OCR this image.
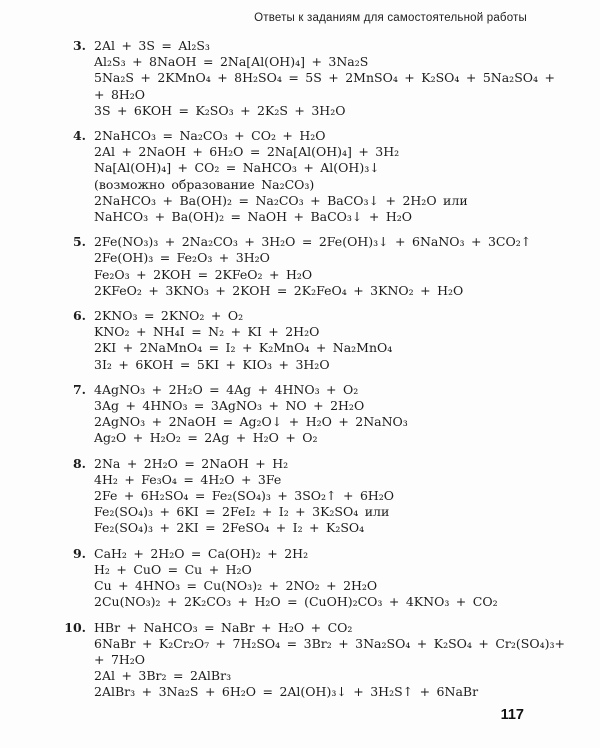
Ответы к заданиям для самостоятельной работы
3. 2Al + 3S = Al₂S₃
Al₂S₃ + 8NaOH = 2Na[Al(OH)₄] + 3Na₂S
5Na₂S + 2KMnO₄ + 8H₂SO₄ = 5S + 2MnSO₄ + K₂SO₄ + 5Na₂SO₄ +
+ 8H₂O
3S + 6KOH = K₂SO₃ + 2K₂S + 3H₂O
4. 2NaHCO₃ = Na₂CO₃ + CO₂ + H₂O
2Al + 2NaOH + 6H₂O = 2Na[Al(OH)₄] + 3H₂
Na[Al(OH)₄] + CO₂ = NaHCO₃ + Al(OH)₃↓
(возможно образование Na₂CO₃)
2NaHCO₃ + Ba(OH)₂ = Na₂CO₃ + BaCO₃↓ + 2H₂O или
NaHCO₃ + Ba(OH)₂ = NaOH + BaCO₃↓ + H₂O
5. 2Fe(NO₃)₃ + 2Na₂CO₃ + 3H₂O = 2Fe(OH)₃↓ + 6NaNO₃ + 3CO₂↑
2Fe(OH)₃ = Fe₂O₃ + 3H₂O
Fe₂O₃ + 2KOH = 2KFeO₂ + H₂O
2KFeO₂ + 3KNO₃ + 2KOH = 2K₂FeO₄ + 3KNO₂ + H₂O
6. 2KNO₃ = 2KNO₂ + O₂
KNO₂ + NH₄I = N₂ + KI + 2H₂O
2KI + 2NaMnO₄ = I₂ + K₂MnO₄ + Na₂MnO₄
3I₂ + 6KOH = 5KI + KIO₃ + 3H₂O
7. 4AgNO₃ + 2H₂O = 4Ag + 4HNO₃ + O₂
3Ag + 4HNO₃ = 3AgNO₃ + NO + 2H₂O
2AgNO₃ + 2NaOH = Ag₂O↓ + H₂O + 2NaNO₃
Ag₂O + H₂O₂ = 2Ag + H₂O + O₂
8. 2Na + 2H₂O = 2NaOH + H₂
4H₂ + Fe₃O₄ = 4H₂O + 3Fe
2Fe + 6H₂SO₄ = Fe₂(SO₄)₃ + 3SO₂↑ + 6H₂O
Fe₂(SO₄)₃ + 6KI = 2FeI₂ + I₂ + 3K₂SO₄ или
Fe₂(SO₄)₃ + 2KI = 2FeSO₄ + I₂ + K₂SO₄
9. CaH₂ + 2H₂O = Ca(OH)₂ + 2H₂
H₂ + CuO = Cu + H₂O
Cu + 4HNO₃ = Cu(NO₃)₂ + 2NO₂ + 2H₂O
2Cu(NO₃)₂ + 2K₂CO₃ + H₂O = (CuOH)₂CO₃ + 4KNO₃ + CO₂
10. HBr + NaHCO₃ = NaBr + H₂O + CO₂
6NaBr + K₂Cr₂O₇ + 7H₂SO₄ = 3Br₂ + 3Na₂SO₄ + K₂SO₄ + Cr₂(SO₄)₃+
+ 7H₂O
2Al + 3Br₂ = 2AlBr₃
2AlBr₃ + 3Na₂S + 6H₂O = 2Al(OH)₃↓ + 3H₂S↑ + 6NaBr
117
